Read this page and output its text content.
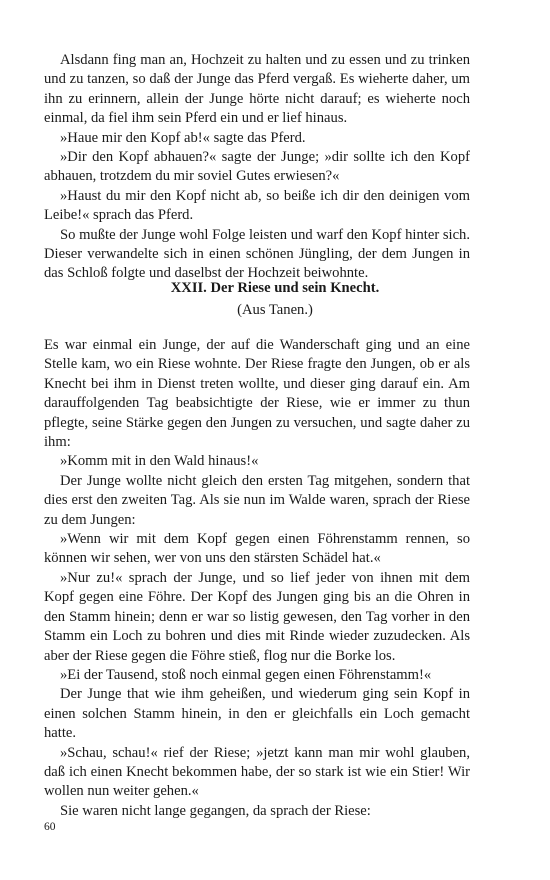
Alsdann fing man an, Hochzeit zu halten und zu essen und zu trinken und zu tanzen, so daß der Junge das Pferd vergaß. Es wieherte daher, um ihn zu erinnern, allein der Junge hörte nicht darauf; es wieherte noch einmal, da fiel ihm sein Pferd ein und er lief hinaus.

»Haue mir den Kopf ab!« sagte das Pferd.

»Dir den Kopf abhauen?« sagte der Junge; »dir sollte ich den Kopf abhauen, trotzdem du mir soviel Gutes erwiesen?«

»Haust du mir den Kopf nicht ab, so beiße ich dir den deinigen vom Leibe!« sprach das Pferd.

So mußte der Junge wohl Folge leisten und warf den Kopf hinter sich. Dieser verwandelte sich in einen schönen Jüngling, der dem Jungen in das Schloß folgte und daselbst der Hochzeit beiwohnte.

XXII. Der Riese und sein Knecht.
(Aus Tanen.)

Es war einmal ein Junge, der auf die Wanderschaft ging und an eine Stelle kam, wo ein Riese wohnte. Der Riese fragte den Jungen, ob er als Knecht bei ihm in Dienst treten wollte, und dieser ging darauf ein. Am darauffolgenden Tag beabsichtigte der Riese, wie er immer zu thun pflegte, seine Stärke gegen den Jungen zu versuchen, und sagte daher zu ihm:

»Komm mit in den Wald hinaus!«

Der Junge wollte nicht gleich den ersten Tag mitgehen, sondern that dies erst den zweiten Tag. Als sie nun im Walde waren, sprach der Riese zu dem Jungen:

»Wenn wir mit dem Kopf gegen einen Föhrenstamm rennen, so können wir sehen, wer von uns den stärsten Schädel hat.«

»Nur zu!« sprach der Junge, und so lief jeder von ihnen mit dem Kopf gegen eine Föhre. Der Kopf des Jungen ging bis an die Ohren in den Stamm hinein; denn er war so listig gewesen, den Tag vorher in den Stamm ein Loch zu bohren und dies mit Rinde wieder zuzudecken. Als aber der Riese gegen die Föhre stieß, flog nur die Borke los.

»Ei der Tausend, stoß noch einmal gegen einen Föhrenstamm!«

Der Junge that wie ihm geheißen, und wiederum ging sein Kopf in einen solchen Stamm hinein, in den er gleichfalls ein Loch gemacht hatte.

»Schau, schau!« rief der Riese; »jetzt kann man mir wohl glauben, daß ich einen Knecht bekommen habe, der so stark ist wie ein Stier! Wir wollen nun weiter gehen.«

Sie waren nicht lange gegangen, da sprach der Riese:

60
